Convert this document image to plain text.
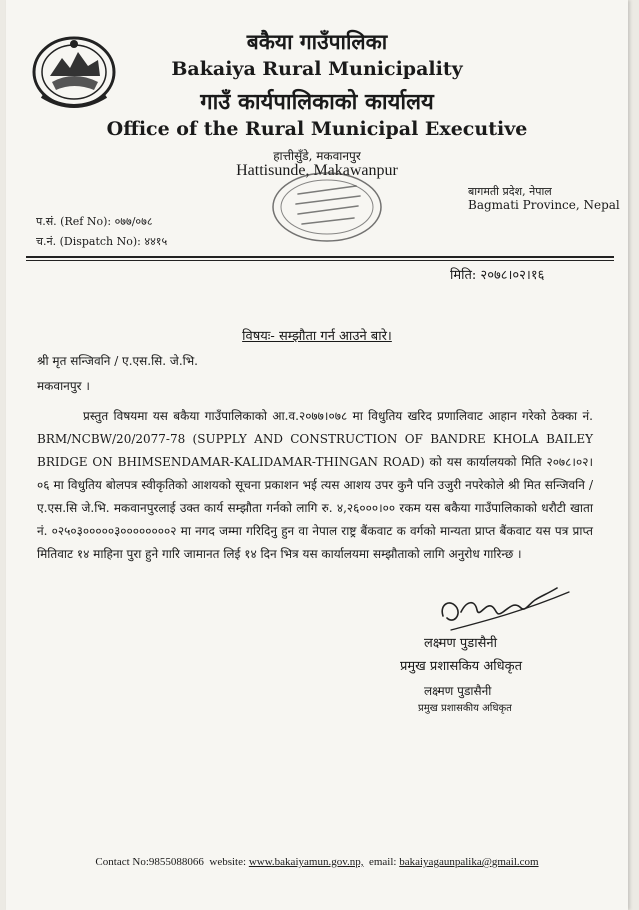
बकैया गाउँपालिका
Bakaiya Rural Municipality
गाउँ कार्यपालिकाको कार्यालय
Office of the Rural Municipal Executive
हात्तीसुँडे, मकवानपुर
Hattisunde, Makawanpur
बागमती प्रदेश, नेपाल
Bagmati Province, Nepal
प.सं. (Ref No): ०७७/०७८
च.नं. (Dispatch No): ४४१५
मिति: २०७८।०२।१६
विषयः- सम्झौता गर्न आउने बारे।
श्री मृत सन्जिवनि / ए.एस.सि. जे.भि.
मकवानपुर ।
प्रस्तुत विषयमा यस बकैया गाउँपालिकाको आ.व.२०७७।०७८ मा विधुतिय खरिद प्रणालिवाट आहान गरेको ठेक्का नं. BRM/NCBW/20/2077-78 (SUPPLY AND CONSTRUCTION OF BANDRE KHOLA BAILEY BRIDGE ON BHIMSENDAMAR-KALIDAMAR-THINGAN ROAD) को यस कार्यालयको मिति २०७८।०२।०६ मा विधुतिय बोलपत्र स्वीकृतिको आशयको सूचना प्रकाशन भई त्यस आशय उपर कुनै पनि उजुरी नपरेकोले श्री मित सन्जिवनि / ए.एस.सि जे.भि. मकवानपुरलाई उक्त कार्य सम्झौता गर्नको लागि रु. ४,२६०००।०० रकम यस बकैया गाउँपालिकाको धरौटी खाता नं. ०२५०३०००००३००००००००२ मा नगद जम्मा गरिदिनु हुन वा नेपाल राष्ट्र बैंकवाट क वर्गको मान्यता प्राप्त बैंकवाट यस पत्र प्राप्त मितिवाट १४ माहिना पुरा हुने गारि जामानत लिई १४ दिन भित्र यस कार्यालयमा सम्झौताको लागि अनुरोध गारिन्छ ।
लक्ष्मण पुडासैनी
प्रमुख प्रशासकिय अधिकृत
लक्ष्मण पुडासैनी
प्रमुख प्रशासकीय अधिकृत
Contact No:9855088066 website: www.bakaiyamun.gov.np, email: bakaiyagaunpalika@gmail.com
